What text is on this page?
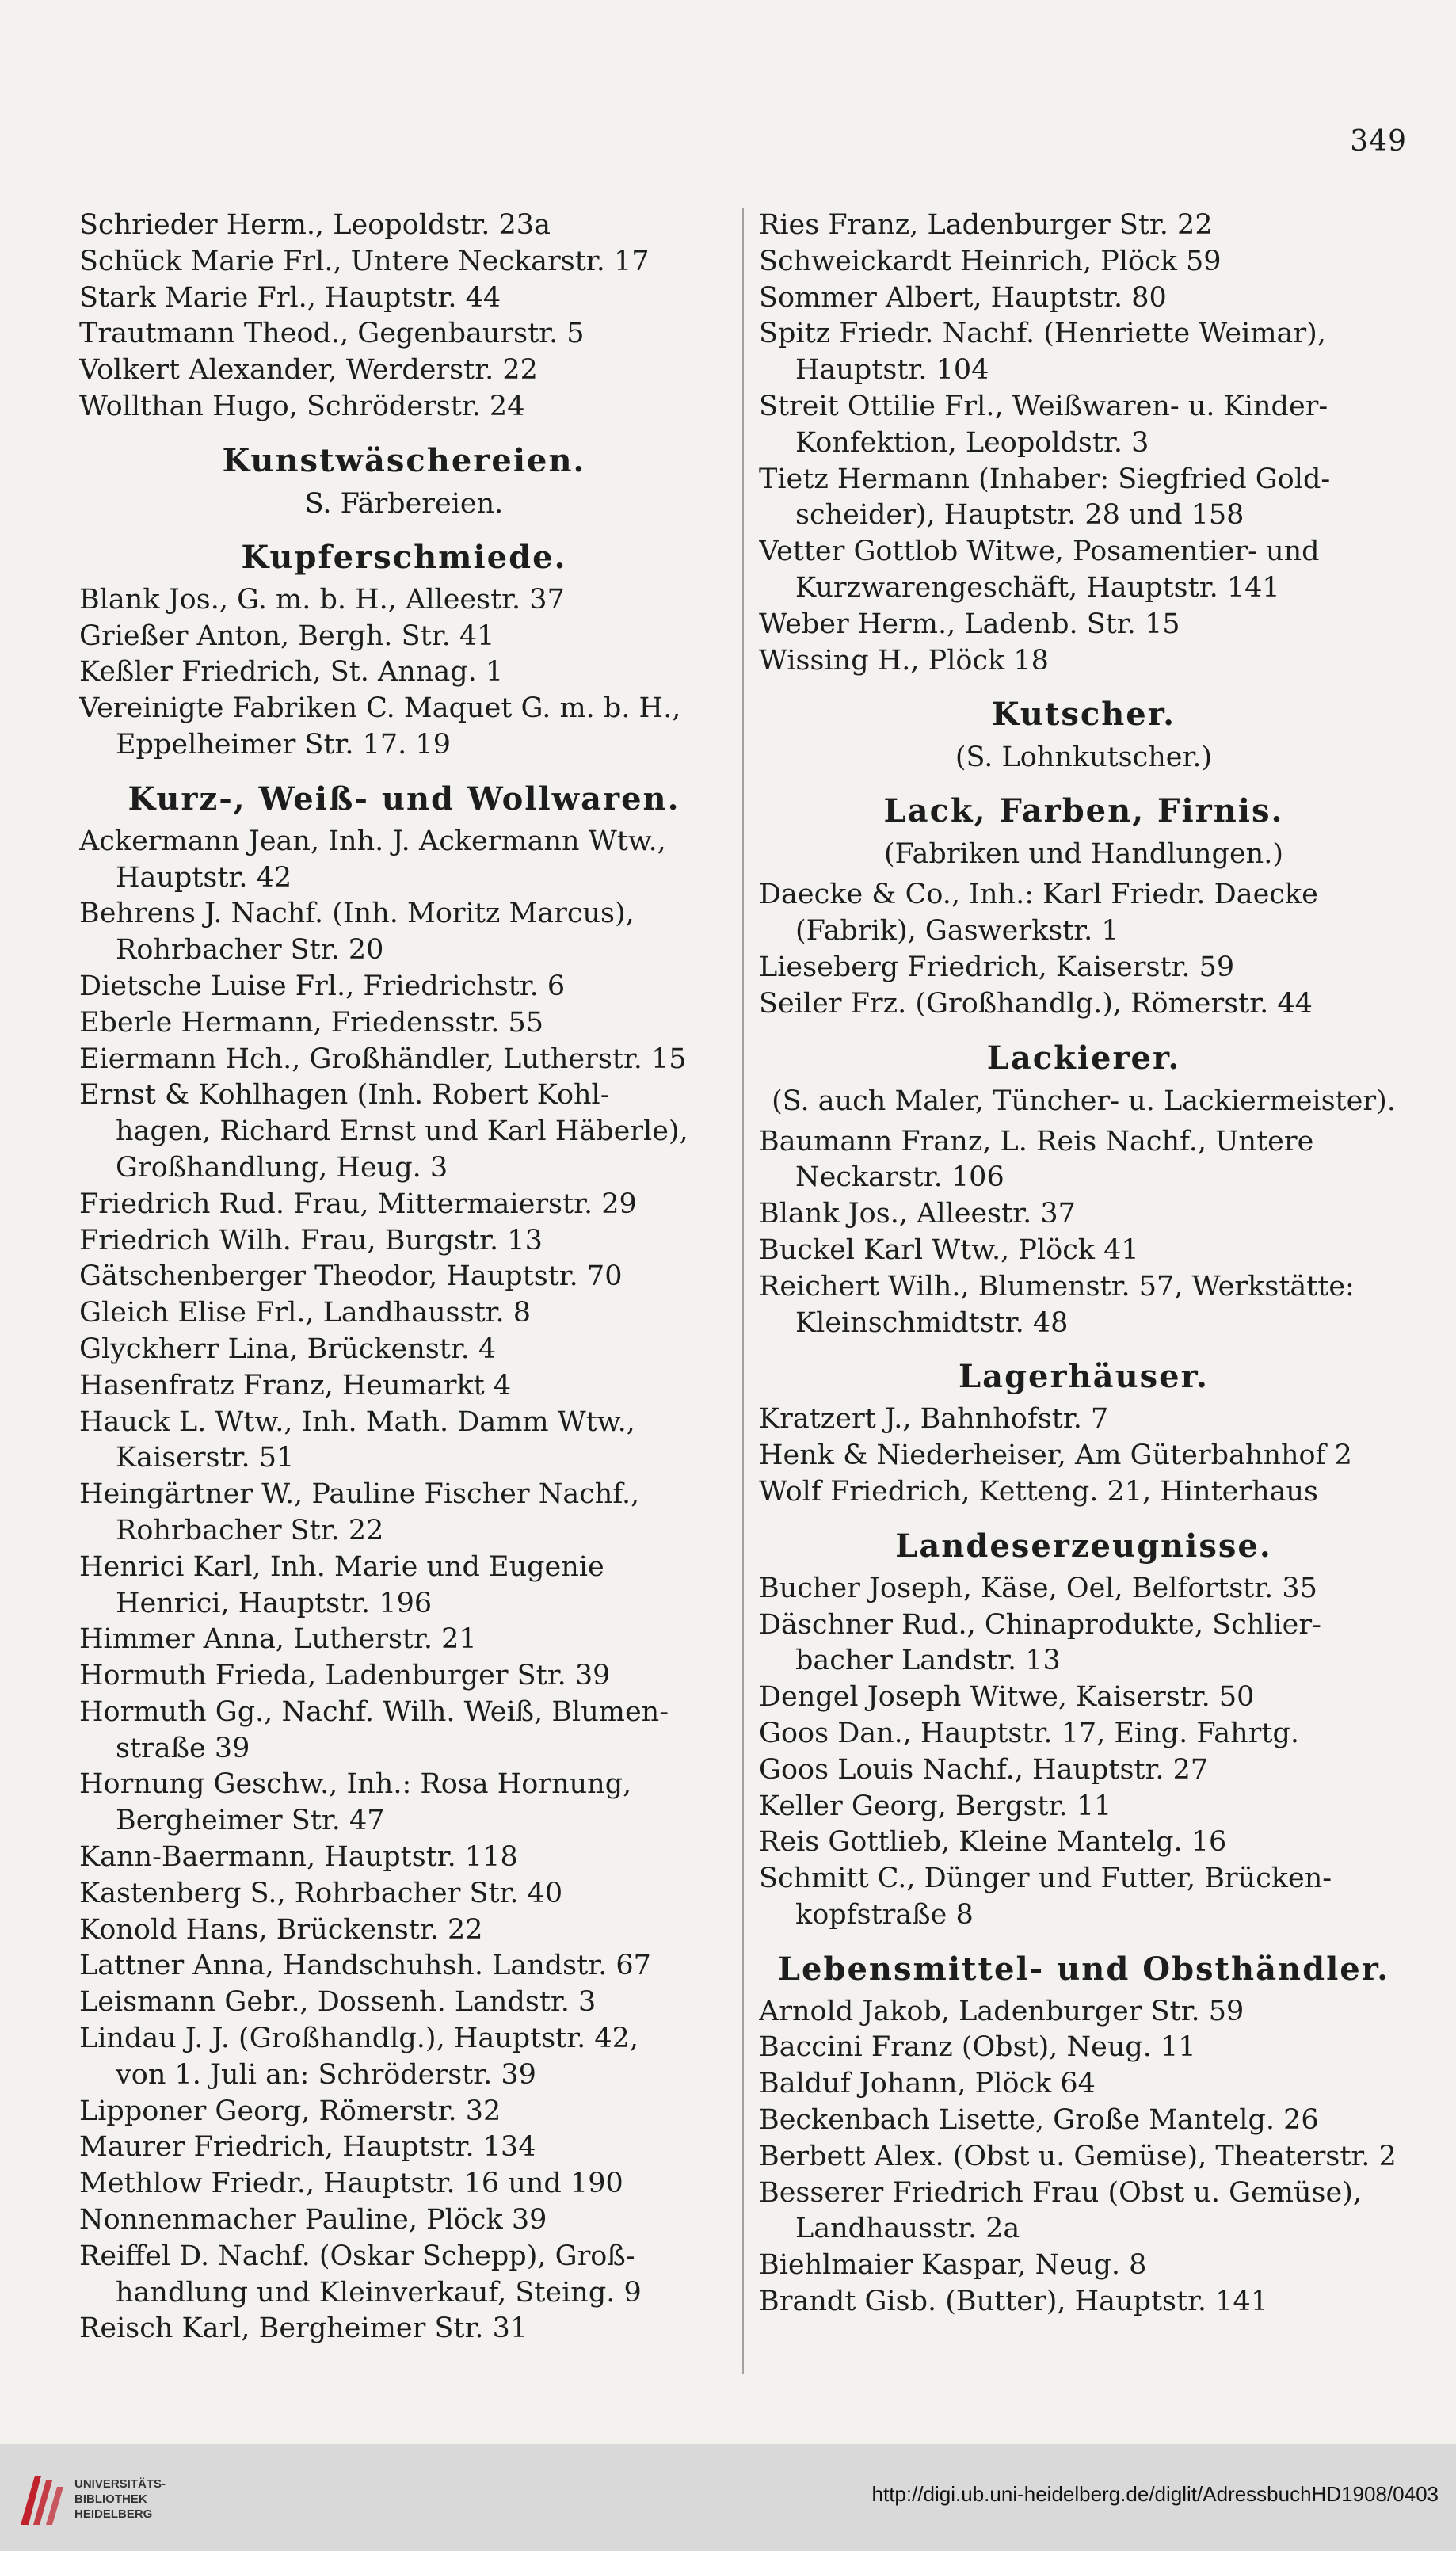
349
Schrieder Herm., Leopoldstr. 23a
Schück Marie Frl., Untere Neckarstr. 17
Stark Marie Frl., Hauptstr. 44
Trautmann Theod., Gegenbaurstr. 5
Volkert Alexander, Werderstr. 22
Wollthan Hugo, Schröderstr. 24
Kunstwäschereien.
S. Färbereien.
Kupferschmiede.
Blank Jos., G. m. b. H., Alleestr. 37
Grießer Anton, Bergh. Str. 41
Keßler Friedrich, St. Annag. 1
Vereinigte Fabriken C. Maquet G. m. b. H.,
Eppelheimer Str. 17. 19
Kurz-, Weiß- und Wollwaren.
Ackermann Jean, Inh. J. Ackermann Wtw.,
Hauptstr. 42
Behrens J. Nachf. (Inh. Moritz Marcus),
Rohrbacher Str. 20
Dietsche Luise Frl., Friedrichstr. 6
Eberle Hermann, Friedensstr. 55
Eiermann Hch., Großhändler, Lutherstr. 15
Ernst & Kohlhagen (Inh. Robert Kohl-
hagen, Richard Ernst und Karl Häberle),
Großhandlung, Heug. 3
Friedrich Rud. Frau, Mittermaierstr. 29
Friedrich Wilh. Frau, Burgstr. 13
Gätschenberger Theodor, Hauptstr. 70
Gleich Elise Frl., Landhausstr. 8
Glyckherr Lina, Brückenstr. 4
Hasenfratz Franz, Heumarkt 4
Hauck L. Wtw., Inh. Math. Damm Wtw.,
Kaiserstr. 51
Heingärtner W., Pauline Fischer Nachf.,
Rohrbacher Str. 22
Henrici Karl, Inh. Marie und Eugenie
Henrici, Hauptstr. 196
Himmer Anna, Lutherstr. 21
Hormuth Frieda, Ladenburger Str. 39
Hormuth Gg., Nachf. Wilh. Weiß, Blumen-
straße 39
Hornung Geschw., Inh.: Rosa Hornung,
Bergheimer Str. 47
Kann-Baermann, Hauptstr. 118
Kastenberg S., Rohrbacher Str. 40
Konold Hans, Brückenstr. 22
Lattner Anna, Handschuhsh. Landstr. 67
Leismann Gebr., Dossenh. Landstr. 3
Lindau J. J. (Großhandlg.), Hauptstr. 42,
von 1. Juli an: Schröderstr. 39
Lipponer Georg, Römerstr. 32
Maurer Friedrich, Hauptstr. 134
Methlow Friedr., Hauptstr. 16 und 190
Nonnenmacher Pauline, Plöck 39
Reiffel D. Nachf. (Oskar Schepp), Groß-
handlung und Kleinverkauf, Steing. 9
Reisch Karl, Bergheimer Str. 31
Ries Franz, Ladenburger Str. 22
Schweickardt Heinrich, Plöck 59
Sommer Albert, Hauptstr. 80
Spitz Friedr. Nachf. (Henriette Weimar),
Hauptstr. 104
Streit Ottilie Frl., Weißwaren- u. Kinder-
Konfektion, Leopoldstr. 3
Tietz Hermann (Inhaber: Siegfried Gold-
scheider), Hauptstr. 28 und 158
Vetter Gottlob Witwe, Posamentier- und
Kurzwarengeschäft, Hauptstr. 141
Weber Herm., Ladenb. Str. 15
Wissing H., Plöck 18
Kutscher.
(S. Lohnkutscher.)
Lack, Farben, Firnis.
(Fabriken und Handlungen.)
Daecke & Co., Inh.: Karl Friedr. Daecke
(Fabrik), Gaswerkstr. 1
Lieseberg Friedrich, Kaiserstr. 59
Seiler Frz. (Großhandlg.), Römerstr. 44
Lackierer.
(S. auch Maler, Tüncher- u. Lackiermeister).
Baumann Franz, L. Reis Nachf., Untere
Neckarstr. 106
Blank Jos., Alleestr. 37
Buckel Karl Wtw., Plöck 41
Reichert Wilh., Blumenstr. 57, Werkstätte:
Kleinschmidtstr. 48
Lagerhäuser.
Kratzert J., Bahnhofstr. 7
Henk & Niederheiser, Am Güterbahnhof 2
Wolf Friedrich, Ketteng. 21, Hinterhaus
Landeserzeugnisse.
Bucher Joseph, Käse, Oel, Belfortstr. 35
Däschner Rud., Chinaprodukte, Schlier-
bacher Landstr. 13
Dengel Joseph Witwe, Kaiserstr. 50
Goos Dan., Hauptstr. 17, Eing. Fahrtg.
Goos Louis Nachf., Hauptstr. 27
Keller Georg, Bergstr. 11
Reis Gottlieb, Kleine Mantelg. 16
Schmitt C., Dünger und Futter, Brücken-
kopfstraße 8
Lebensmittel- und Obsthändler.
Arnold Jakob, Ladenburger Str. 59
Baccini Franz (Obst), Neug. 11
Balduf Johann, Plöck 64
Beckenbach Lisette, Große Mantelg. 26
Berbett Alex. (Obst u. Gemüse), Theaterstr. 2
Besserer Friedrich Frau (Obst u. Gemüse),
Landhausstr. 2a
Biehlmaier Kaspar, Neug. 8
Brandt Gisb. (Butter), Hauptstr. 141
UNIVERSITÄTS-
BIBLIOTHEK
HEIDELBERG
http://digi.ub.uni-heidelberg.de/diglit/AdressbuchHD1908/0403
